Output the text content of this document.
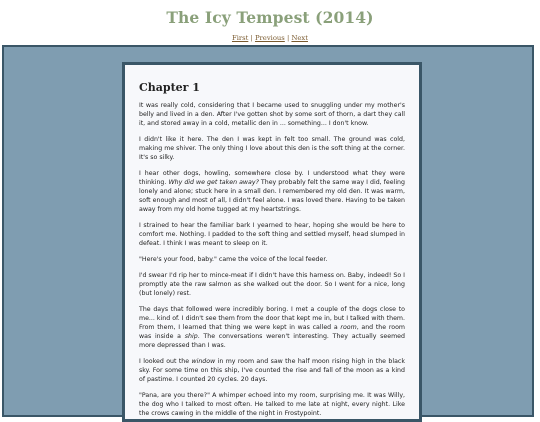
The Icy Tempest (2014)
First | Previous | Next
Chapter 1

It was really cold, considering that I became used to snuggling under my mother's belly and lived in a den. After I've gotten shot by some sort of thorn, a dart they call it, and stored away in a cold, metallic den in ... something... I don't know.

I didn't like it here. The den I was kept in felt too small. The ground was cold, making me shiver. The only thing I love about this den is the soft thing at the corner. It's so silky.

I hear other dogs, howling, somewhere close by. I understood what they were thinking. Why did we get taken away? They probably felt the same way I did, feeling lonely and alone; stuck here in a small den. I remembered my old den. It was warm, soft enough and most of all, I didn't feel alone. I was loved there. Having to be taken away from my old home tugged at my heartstrings.

I strained to hear the familiar bark I yearned to hear, hoping she would be here to comfort me. Nothing. I padded to the soft thing and settled myself, head slumped in defeat. I think I was meant to sleep on it.

"Here's your food, baby." came the voice of the local feeder.

I'd swear I'd rip her to mince-meat if I didn't have this harness on. Baby, indeed! So I promptly ate the raw salmon as she walked out the door. So I went for a nice, long (but lonely) rest.

The days that followed were incredibly boring. I met a couple of the dogs close to me... kind of. I didn't see them from the door that kept me in, but I talked with them. From them, I learned that thing we were kept in was called a room, and the room was inside a ship. The conversations weren't interesting. They actually seemed more depressed than I was.

I looked out the window in my room and saw the half moon rising high in the black sky. For some time on this ship, I've counted the rise and fall of the moon as a kind of pastime. I counted 20 cycles. 20 days.

"Pana, are you there?" A whimper echoed into my room, surprising me. It was Willy, the dog who I talked to most often. He talked to me late at night, every night. Like the crows cawing in the middle of the night in Frostypoint.
